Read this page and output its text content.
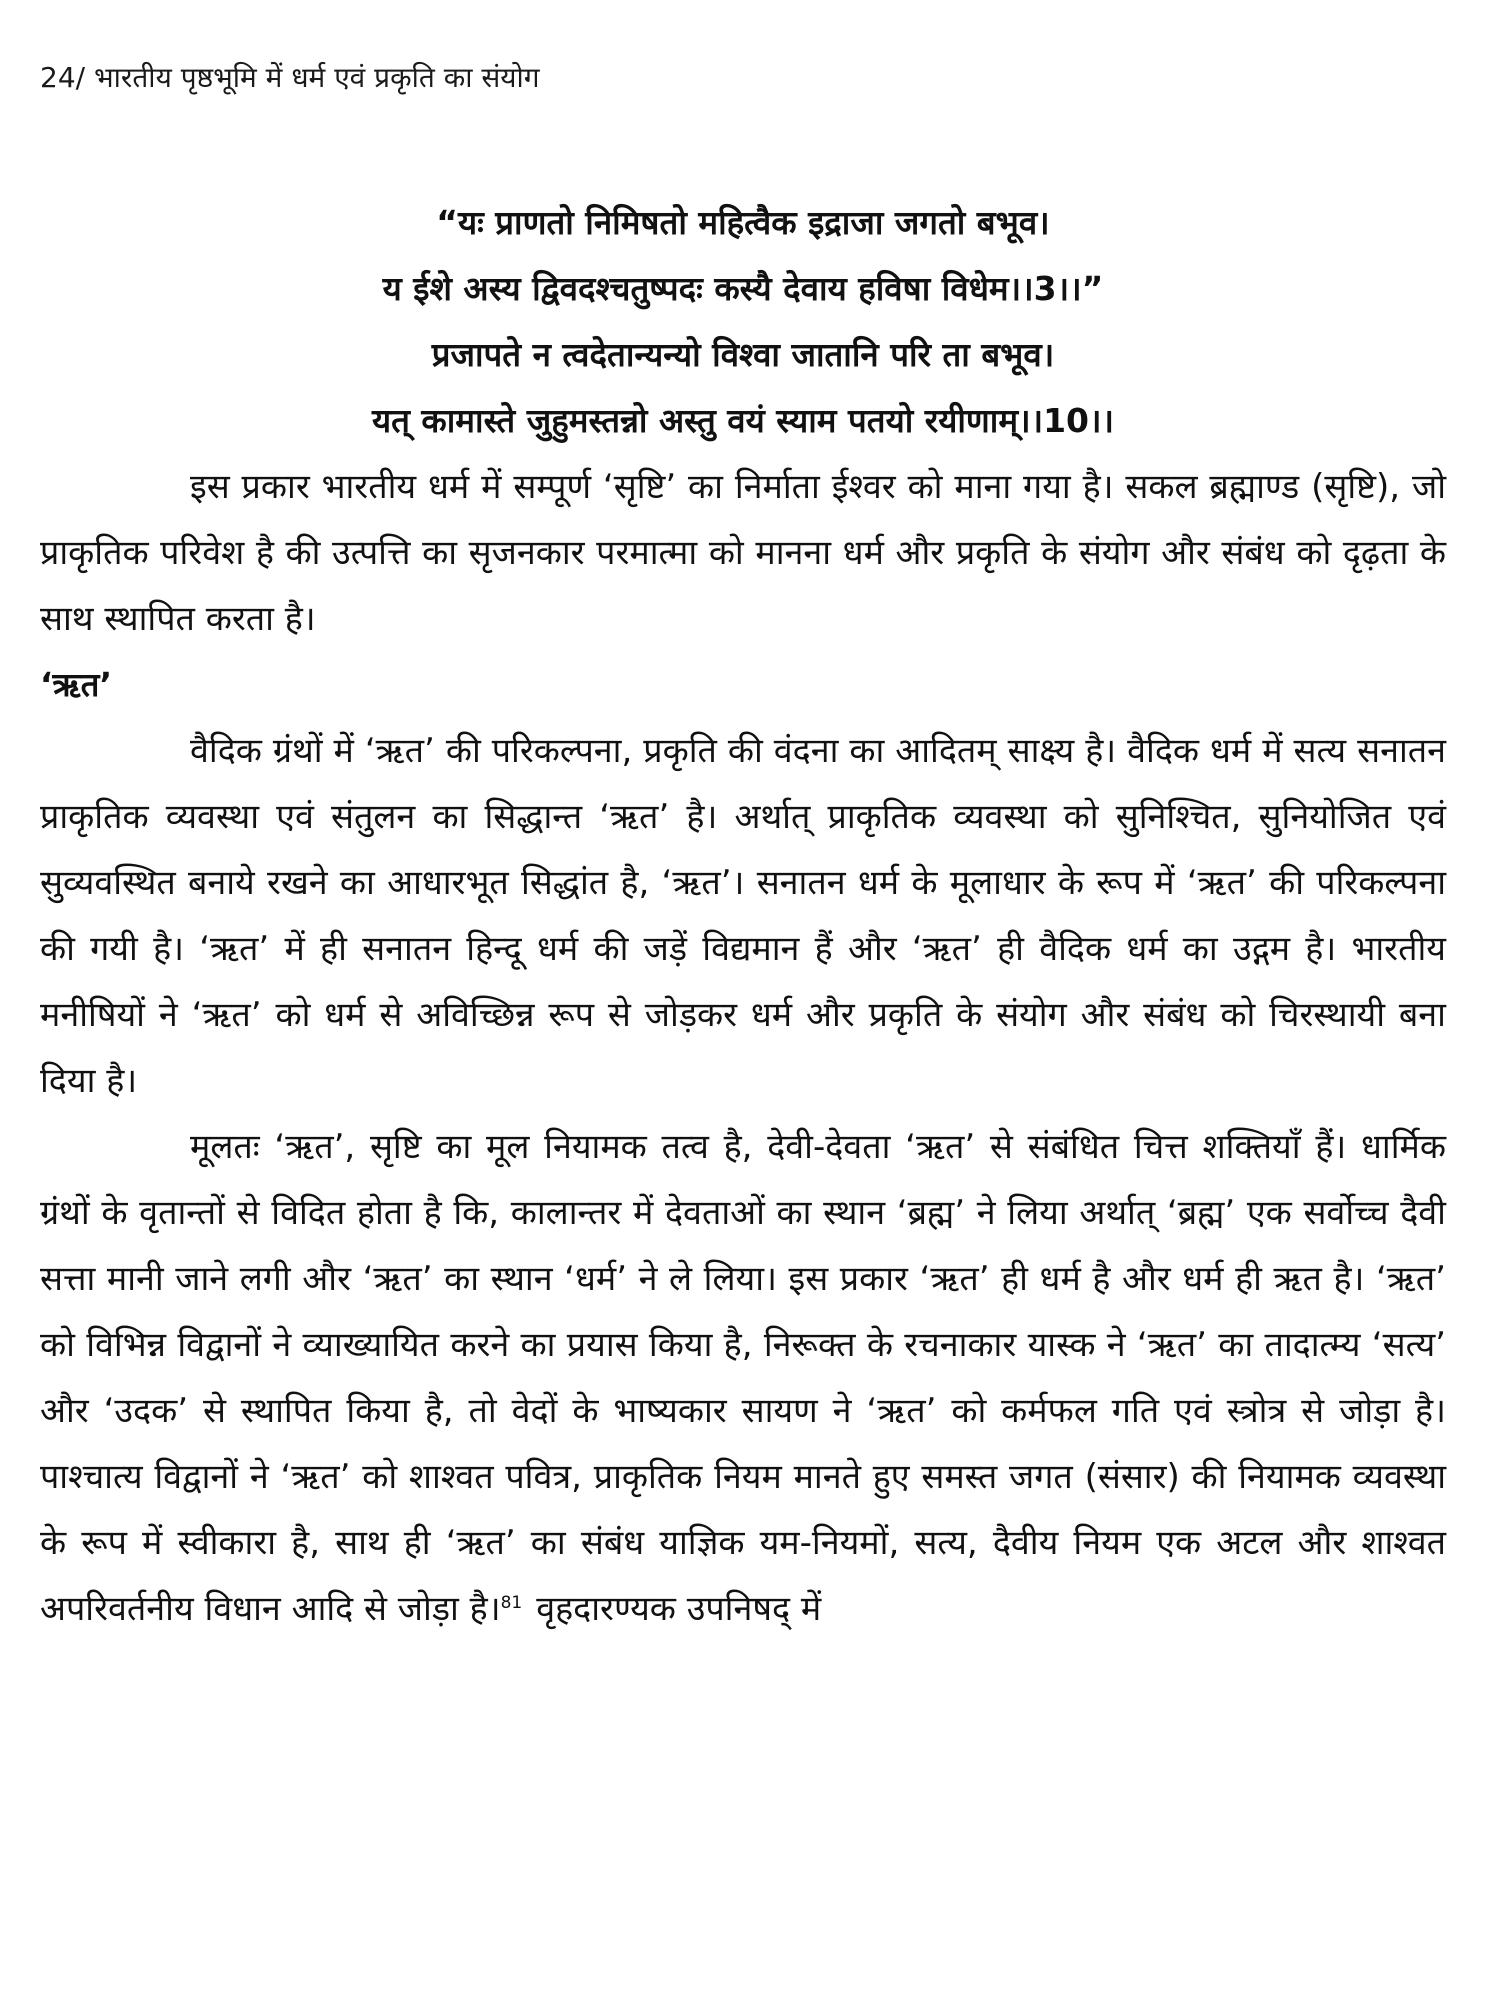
24/ भारतीय पृष्ठभूमि में धर्म एवं प्रकृति का संयोग
“यः प्राणतो निमिषतो महित्वैक इद्राजा जगतो बभूव।
य ईशे अस्य द्विवदश्चतुष्पदः कस्यै देवाय हविषा विधेम।।3।।”
प्रजापते न त्वदेतान्यन्यो विश्वा जातानि परि ता बभूव।
यत् कामास्ते जुहुमस्तन्नो अस्तु वयं स्याम पतयो रयीणाम्।।10।।

इस प्रकार भारतीय धर्म में सम्पूर्ण ‘सृष्टि’ का निर्माता ईश्वर को माना गया है। सकल ब्रह्माण्ड (सृष्टि), जो प्राकृतिक परिवेश है की उत्पत्ति का सृजनकार परमात्मा को मानना धर्म और प्रकृति के संयोग और संबंध को दृढ़ता के साथ स्थापित करता है।

‘ऋत’

वैदिक ग्रंथों में ‘ऋत’ की परिकल्पना, प्रकृति की वंदना का आदितम् साक्ष्य है। वैदिक धर्म में सत्य सनातन प्राकृतिक व्यवस्था एवं संतुलन का सिद्धान्त ‘ऋत’ है। अर्थात् प्राकृतिक व्यवस्था को सुनिश्चित, सुनियोजित एवं सुव्यवस्थित बनाये रखने का आधारभूत सिद्धांत है, ‘ऋत’। सनातन धर्म के मूलाधार के रूप में ‘ऋत’ की परिकल्पना की गयी है। ‘ऋत’ में ही सनातन हिन्दू धर्म की जड़ें विद्यमान हैं और ‘ऋत’ ही वैदिक धर्म का उद्गम है। भारतीय मनीषियों ने ‘ऋत’ को धर्म से अविच्छिन्न रूप से जोड़कर धर्म और प्रकृति के संयोग और संबंध को चिरस्थायी बना दिया है।

मूलतः ‘ऋत’, सृष्टि का मूल नियामक तत्व है, देवी-देवता ‘ऋत’ से संबंधित चित्त शक्तियाँ हैं। धार्मिक ग्रंथों के वृतान्तों से विदित होता है कि, कालान्तर में देवताओं का स्थान ‘ब्रह्म’ ने लिया अर्थात् ‘ब्रह्म’ एक सर्वोच्च दैवी सत्ता मानी जाने लगी और ‘ऋत’ का स्थान ‘धर्म’ ने ले लिया। इस प्रकार ‘ऋत’ ही धर्म है और धर्म ही ऋत है। ‘ऋत’ को विभिन्न विद्वानों ने व्याख्यायित करने का प्रयास किया है, निरूक्त के रचनाकार यास्क ने ‘ऋत’ का तादात्म्य ‘सत्य’ और ‘उदक’ से स्थापित किया है, तो वेदों के भाष्यकार सायण ने ‘ऋत’ को कर्मफल गति एवं स्त्रोत्र से जोड़ा है। पाश्चात्य विद्वानों ने ‘ऋत’ को शाश्वत पवित्र, प्राकृतिक नियम मानते हुए समस्त जगत (संसार) की नियामक व्यवस्था के रूप में स्वीकारा है, साथ ही ‘ऋत’ का संबंध याज्ञिक यम-नियमों, सत्य, दैवीय नियम एक अटल और शाश्वत अपरिवर्तनीय विधान आदि से जोड़ा है।$^{81}$ वृहदारण्यक उपनिषद् में
